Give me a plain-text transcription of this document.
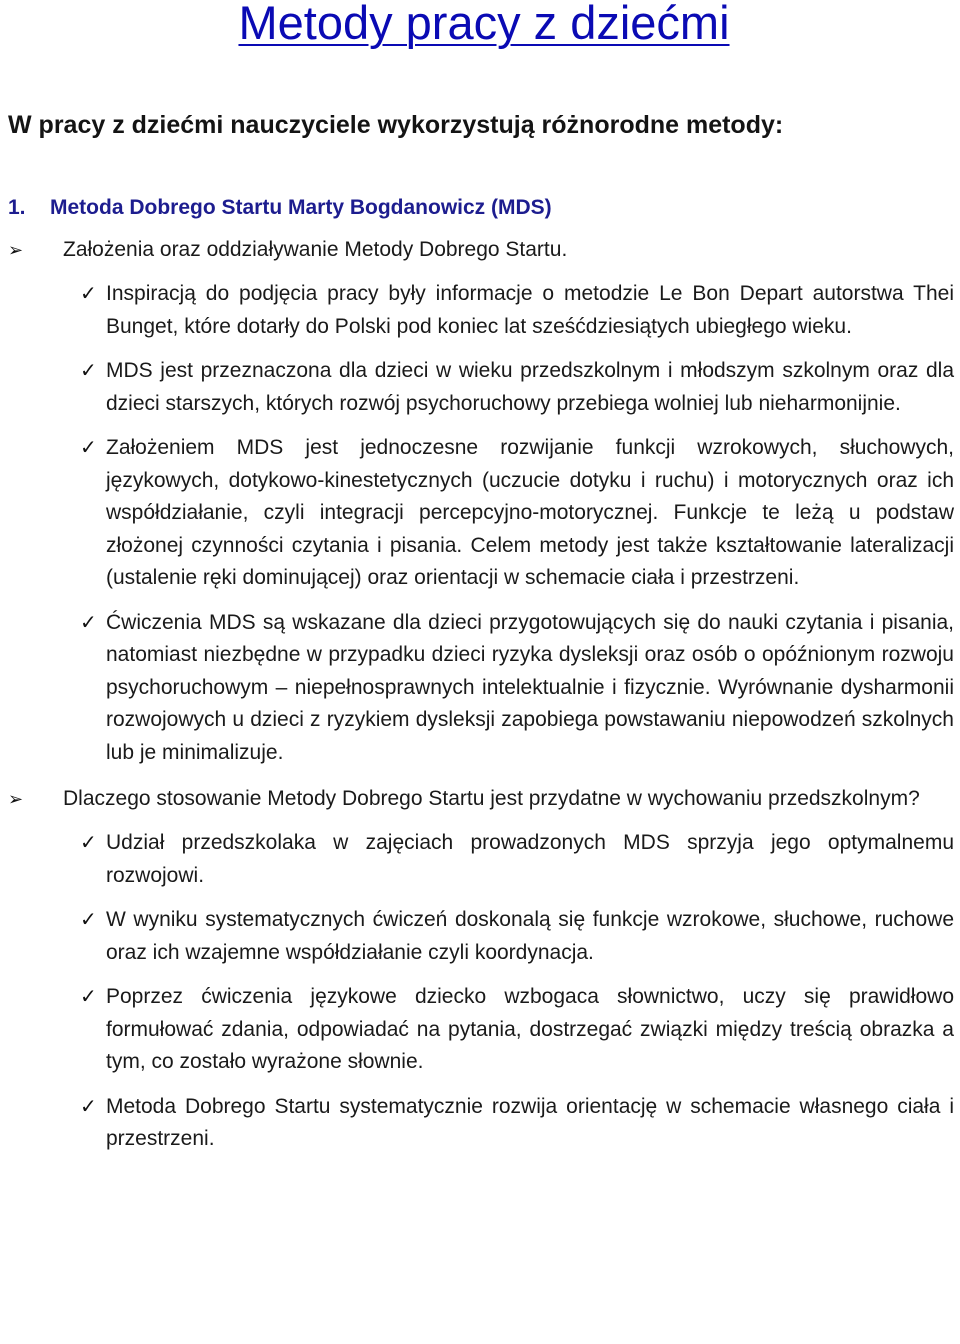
Metody pracy z dziećmi
W pracy z dziećmi nauczyciele wykorzystują różnorodne metody:
1.	Metoda Dobrego Startu Marty Bogdanowicz (MDS)
➢	Założenia oraz oddziaływanie Metody Dobrego Startu.
✓ Inspiracją do podjęcia pracy były informacje o metodzie Le Bon Depart autorstwa Thei Bunget, które dotarły do Polski pod koniec lat sześćdziesiątych ubiegłego wieku.
✓ MDS jest przeznaczona dla dzieci w wieku przedszkolnym i młodszym szkolnym oraz dla dzieci starszych, których rozwój psychoruchowy przebiega wolniej lub nieharmonijnie.
✓ Założeniem MDS jest jednoczesne rozwijanie funkcji wzrokowych, słuchowych, językowych, dotykowo-kinestetycznych (uczucie dotyku i ruchu) i motorycznych oraz ich współdziałanie, czyli integracji percepcyjno-motorycznej. Funkcje te leżą u podstaw złożonej czynności czytania i pisania. Celem metody jest także kształtowanie lateralizacji (ustalenie ręki dominującej) oraz orientacji w schemacie ciała i przestrzeni.
✓ Ćwiczenia MDS są wskazane dla dzieci przygotowujących się do nauki czytania i pisania, natomiast niezbędne w przypadku dzieci ryzyka dysleksji oraz osób o opóźnionym rozwoju psychoruchowym – niepełnosprawnych intelektualnie i fizycznie. Wyrównanie dysharmonii rozwojowych u dzieci z ryzykiem dysleksji zapobiega powstawaniu niepowodzeń szkolnych lub je minimalizuje.
➢	Dlaczego stosowanie Metody Dobrego Startu jest przydatne w wychowaniu przedszkolnym?
✓ Udział przedszkolaka w zajęciach prowadzonych MDS sprzyja jego optymalnemu rozwojowi.
✓ W wyniku systematycznych ćwiczeń doskonalą się funkcje wzrokowe, słuchowe, ruchowe oraz ich wzajemne współdziałanie czyli koordynacja.
✓ Poprzez ćwiczenia językowe dziecko wzbogaca słownictwo, uczy się prawidłowo formułować zdania, odpowiadać na pytania, dostrzegać związki między treścią obrazka a tym, co zostało wyrażone słownie.
✓ Metoda Dobrego Startu systematycznie rozwija orientację w schemacie własnego ciała i przestrzeni.
